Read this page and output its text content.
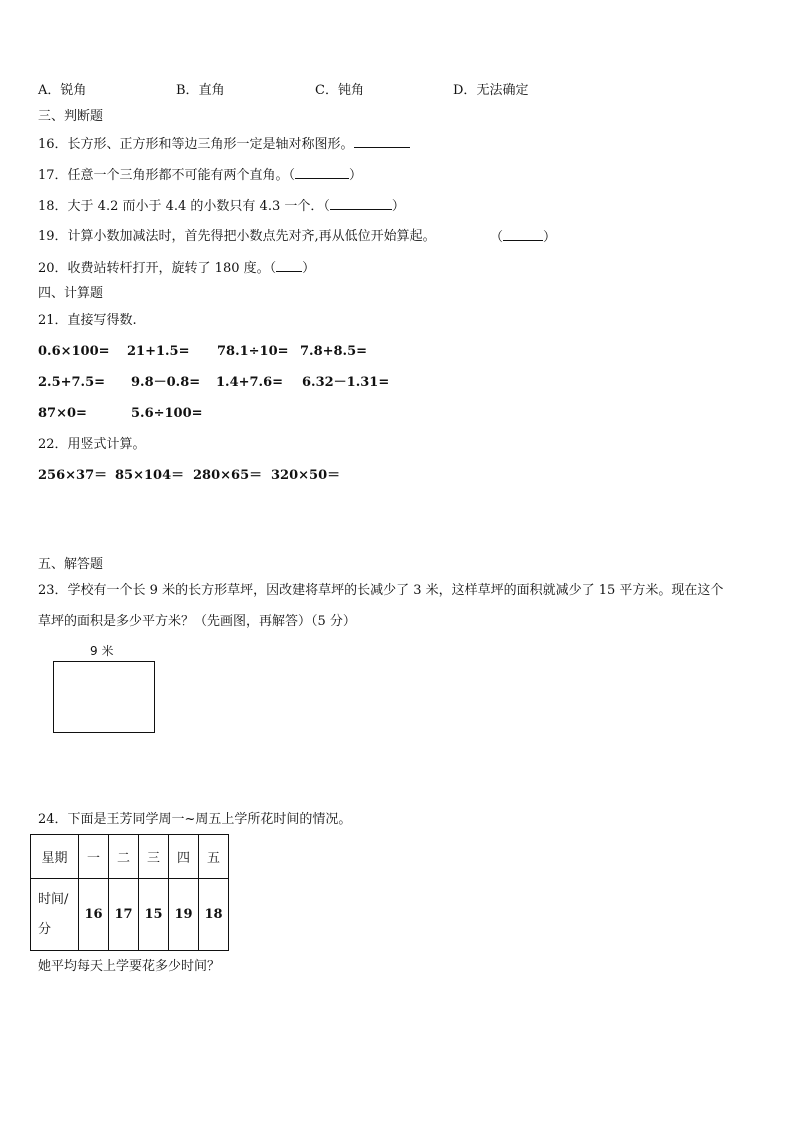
A．锐角	B．直角	C．钝角	D．无法确定
三、判断题
16．长方形、正方形和等边三角形一定是轴对称图形。
17．任意一个三角形都不可能有两个直角。（	）
18．大于 4.2 而小于 4.4 的小数只有 4.3 一个．（	）
19．计算小数加减法时，首先得把小数点先对齐,再从低位开始算起。	（	）
20．收费站转杆打开，旋转了 180 度。（ ）
四、计算题
21．直接写得数.
0.6×100= 21+1.5= 78.1÷10= 7.8+8.5=
2.5+7.5= 9.8－0.8= 1.4+7.6= 6.32－1.31=
87×0=	5.6÷100=
22．用竖式计算。
256×37＝ 85×104＝ 280×65＝ 320×50＝
五、解答题
23．学校有一个长 9 米的长方形草坪，因改建将草坪的长减少了 3 米，这样草坪的面积就减少了 15 平方米。现在这个
草坪的面积是多少平方米？（先画图，再解答）（5 分）
9 米
24．下面是王芳同学周一~周五上学所花时间的情况。
星期	一	二	三	四	五
时间/
分	16	17	15	19	18
她平均每天上学要花多少时间？
